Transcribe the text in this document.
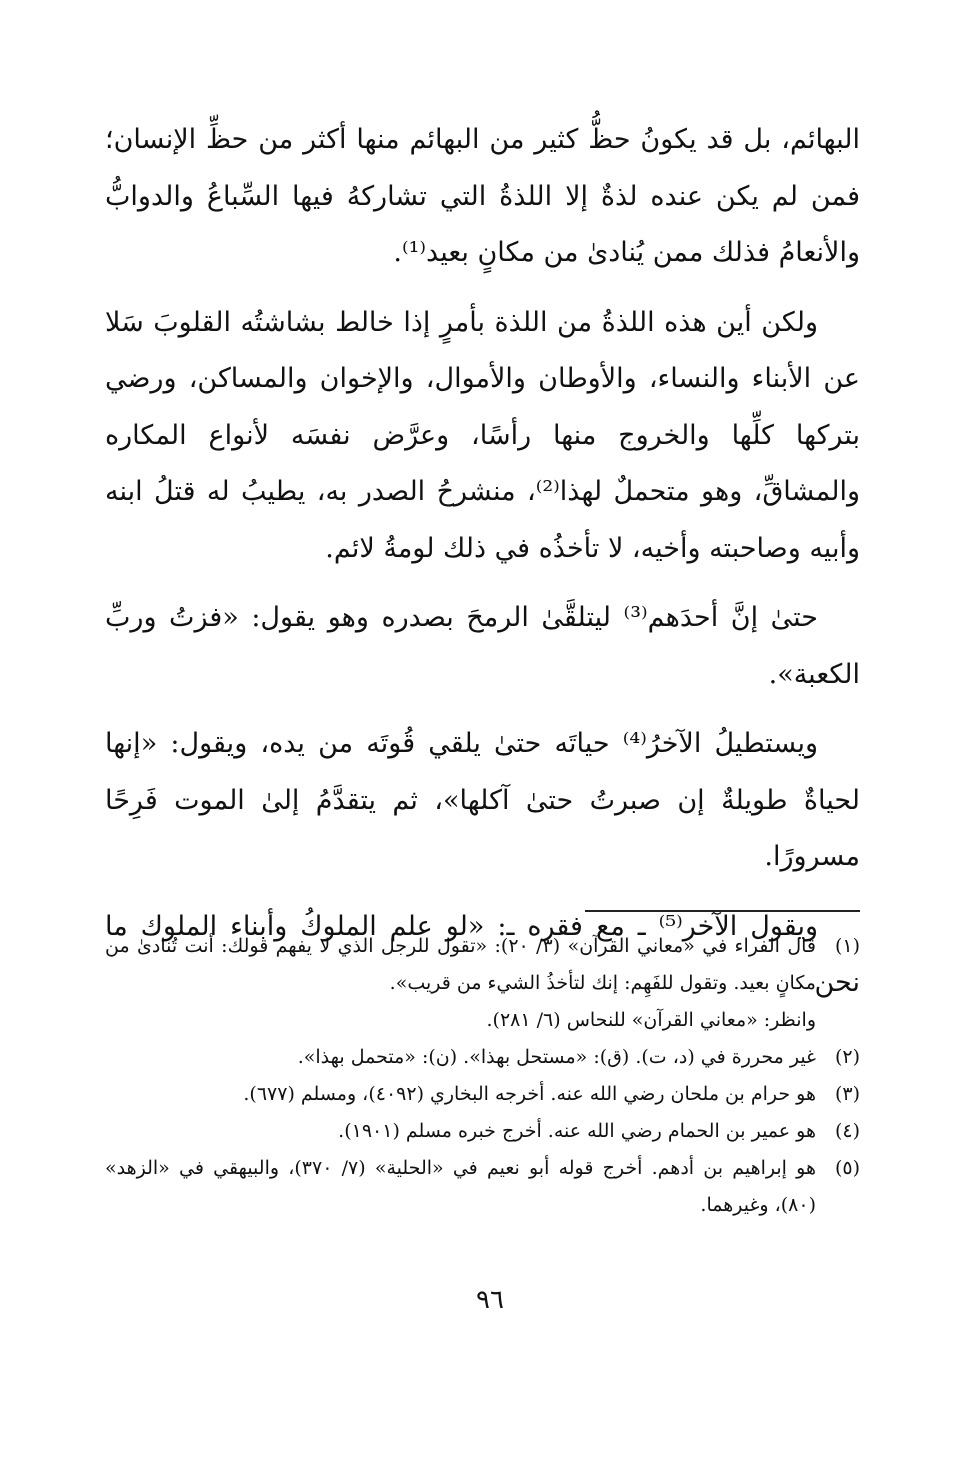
البهائم، بل قد يكونُ حظُّ كثير من البهائم منها أكثر من حظِّ الإنسان؛ فمن لم يكن عنده لذةٌ إلا اللذةُ التي تشاركهُ فيها السِّباعُ والدوابُّ والأنعامُ فذلك ممن يُنادىٰ من مكانٍ بعيد⁽¹⁾.

ولكن أين هذه اللذةُ من اللذة بأمرٍ إذا خالط بشاشتُه القلوبَ سَلا عن الأبناء والنساء، والأوطان والأموال، والإخوان والمساكن، ورضي بتركها كلِّها والخروج منها رأسًا، وعرَّض نفسَه لأنواع المكاره والمشاقِّ، وهو متحملٌ لهذا⁽²⁾، منشرحُ الصدر به، يطيبُ له قتلُ ابنه وأبيه وصاحبته وأخيه، لا تأخذُه في ذلك لومةُ لائم.

حتىٰ إنَّ أحدَهم⁽³⁾ ليتلقَّىٰ الرمحَ بصدره وهو يقول: «فزتُ وربِّ الكعبة».

ويستطيلُ الآخرُ⁽⁴⁾ حياتَه حتىٰ يلقي قُوتَه من يده، ويقول: «إنها لحياةٌ طويلةٌ إن صبرتُ حتىٰ آكلها»، ثم يتقدَّمُ إلىٰ الموت فَرِحًا مسرورًا.

ويقول الآخر⁽⁵⁾ ـ مع فقره ـ: «لو علم الملوكُ وأبناء الملوك ما نحن

(١)
قال الفراء في «معاني القرآن» (٣/ ٢٠): «تقول للرجل الذي لا يفهم قولك: أنت تُنادىٰ من مكانٍ بعيد. وتقول للفَهِم: إنك لتأخذُ الشيء من قريب».
وانظر: «معاني القرآن» للنحاس (٦/ ٢٨١).
(٢)
غير محررة في (د، ت). (ق): «مستحل بهذا». (ن): «متحمل بهذا».
(٣)
هو حرام بن ملحان رضي الله عنه. أخرجه البخاري (٤٠٩٢)، ومسلم (٦٧٧).
(٤)
هو عمير بن الحمام رضي الله عنه. أخرج خبره مسلم (١٩٠١).
(٥)
هو إبراهيم بن أدهم. أخرج قوله أبو نعيم في «الحلية» (٧/ ٣٧٠)، والبيهقي في «الزهد» (٨٠)، وغيرهما.
٩٦
